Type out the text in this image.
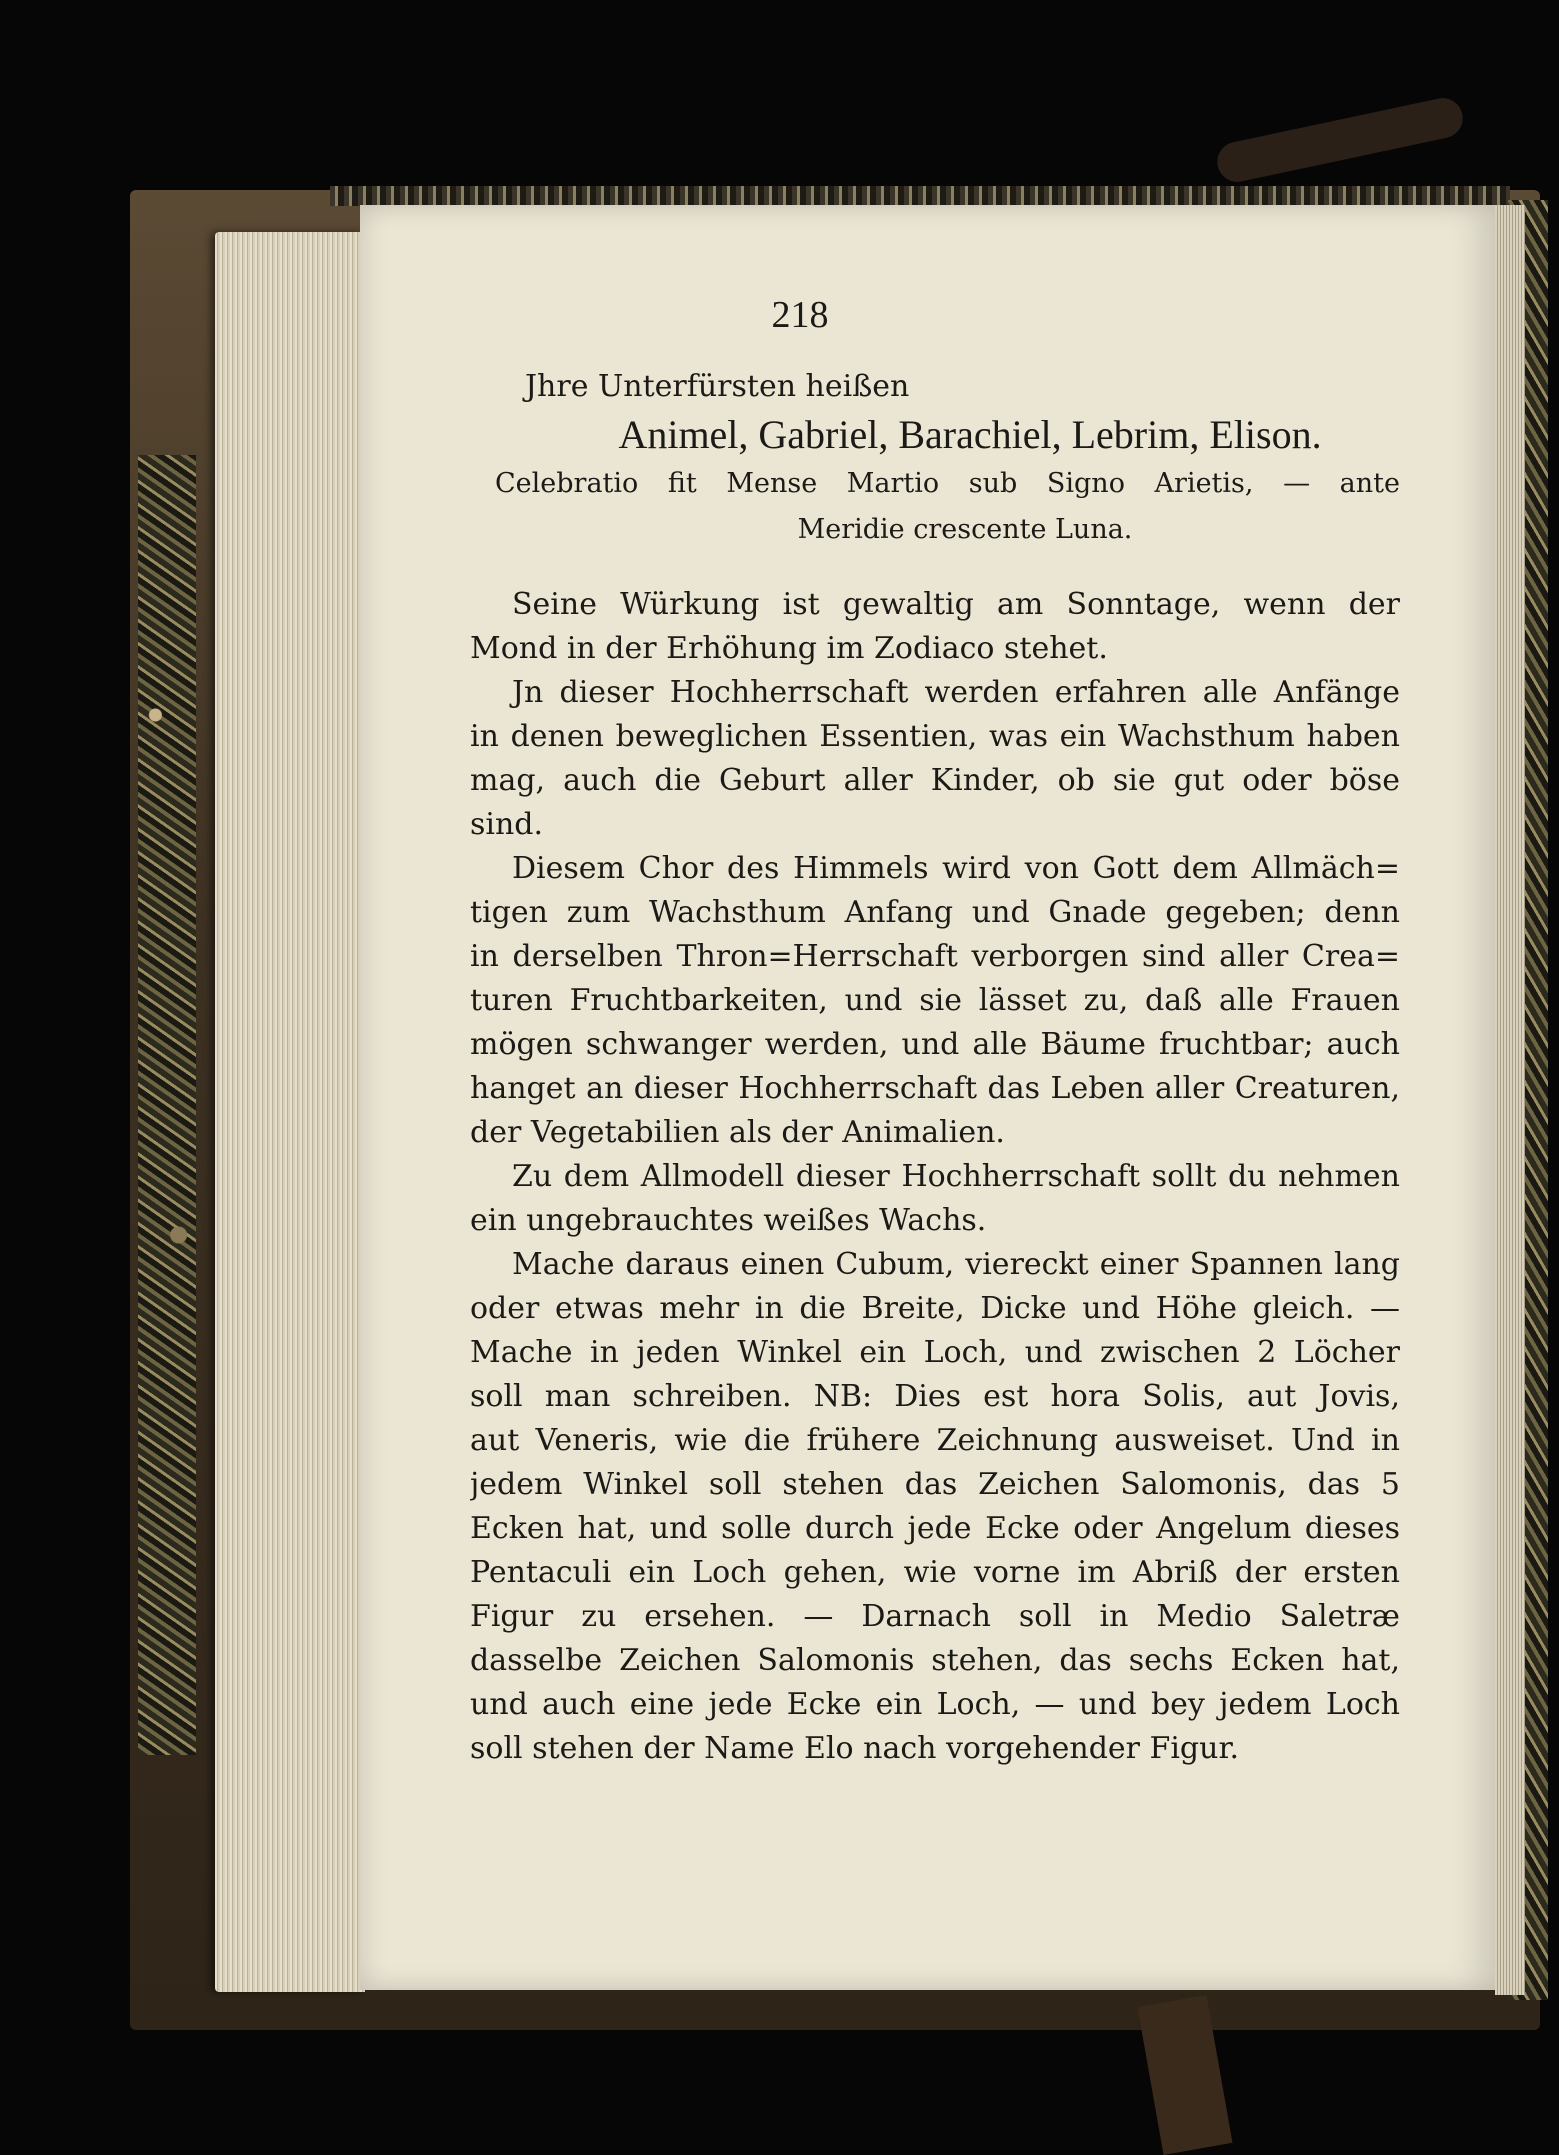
218
Jhre Unterfürsten heißen
Animel, Gabriel, Barachiel, Lebrim, Elison.
Celebratio fit Mense Martio sub Signo Arietis, — ante
Meridie crescente Luna.
Seine Würkung ist gewaltig am Sonntage, wenn der
Mond in der Erhöhung im Zodiaco stehet.
Jn dieser Hochherrschaft werden erfahren alle Anfänge
in denen beweglichen Essentien, was ein Wachsthum haben
mag, auch die Geburt aller Kinder, ob sie gut oder böse
sind.
Diesem Chor des Himmels wird von Gott dem Allmäch=
tigen zum Wachsthum Anfang und Gnade gegeben; denn
in derselben Thron=Herrschaft verborgen sind aller Crea=
turen Fruchtbarkeiten, und sie lässet zu, daß alle Frauen
mögen schwanger werden, und alle Bäume fruchtbar; auch
hanget an dieser Hochherrschaft das Leben aller Creaturen,
der Vegetabilien als der Animalien.
Zu dem Allmodell dieser Hochherrschaft sollt du nehmen
ein ungebrauchtes weißes Wachs.
Mache daraus einen Cubum, viereckt einer Spannen lang
oder etwas mehr in die Breite, Dicke und Höhe gleich. —
Mache in jeden Winkel ein Loch, und zwischen 2 Löcher
soll man schreiben. NB: Dies est hora Solis, aut Jovis,
aut Veneris, wie die frühere Zeichnung ausweiset. Und in
jedem Winkel soll stehen das Zeichen Salomonis, das 5
Ecken hat, und solle durch jede Ecke oder Angelum dieses
Pentaculi ein Loch gehen, wie vorne im Abriß der ersten
Figur zu ersehen. — Darnach soll in Medio Saletræ
dasselbe Zeichen Salomonis stehen, das sechs Ecken hat,
und auch eine jede Ecke ein Loch, — und bey jedem Loch
soll stehen der Name Elo nach vorgehender Figur.
